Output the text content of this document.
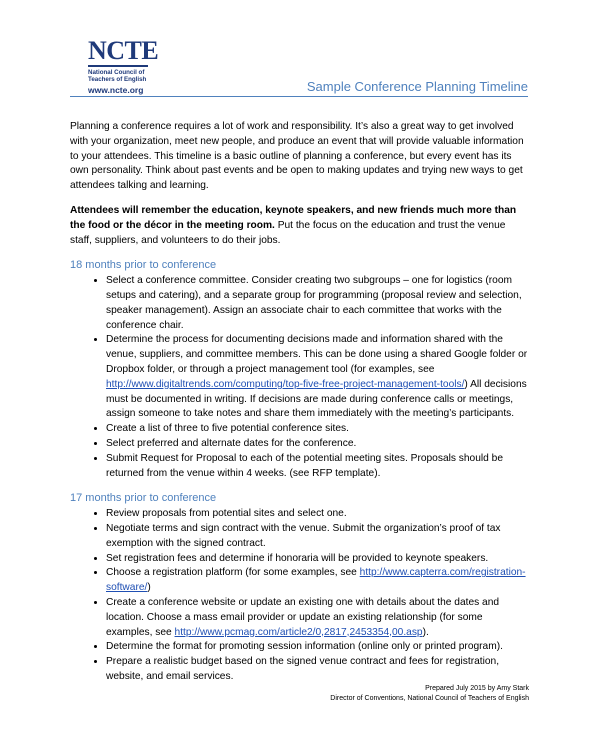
NCTE
National Council of
Teachers of English
www.ncte.org	Sample Conference Planning Timeline

Planning a conference requires a lot of work and responsibility. It’s also a great way to get involved with your organization, meet new people, and produce an event that will provide valuable information to your attendees. This timeline is a basic outline of planning a conference, but every event has its own personality. Think about past events and be open to making updates and trying new ways to get attendees talking and learning.

Attendees will remember the education, keynote speakers, and new friends much more than the food or the décor in the meeting room. Put the focus on the education and trust the venue staff, suppliers, and volunteers to do their jobs.

18 months prior to conference
• Select a conference committee. Consider creating two subgroups – one for logistics (room setups and catering), and a separate group for programming (proposal review and selection, speaker management). Assign an associate chair to each committee that works with the conference chair.
• Determine the process for documenting decisions made and information shared with the venue, suppliers, and committee members. This can be done using a shared Google folder or Dropbox folder, or through a project management tool (for examples, see http://www.digitaltrends.com/computing/top-five-free-project-management-tools/) All decisions must be documented in writing. If decisions are made during conference calls or meetings, assign someone to take notes and share them immediately with the meeting’s participants.
• Create a list of three to five potential conference sites.
• Select preferred and alternate dates for the conference.
• Submit Request for Proposal to each of the potential meeting sites. Proposals should be returned from the venue within 4 weeks. (see RFP template).
17 months prior to conference
• Review proposals from potential sites and select one.
• Negotiate terms and sign contract with the venue. Submit the organization’s proof of tax exemption with the signed contract.
• Set registration fees and determine if honoraria will be provided to keynote speakers.
• Choose a registration platform (for some examples, see http://www.capterra.com/registration-software/)
• Create a conference website or update an existing one with details about the dates and location. Choose a mass email provider or update an existing relationship (for some examples, see http://www.pcmag.com/article2/0,2817,2453354,00.asp).
• Determine the format for promoting session information (online only or printed program).
• Prepare a realistic budget based on the signed venue contract and fees for registration, website, and email services.
Prepared July 2015 by Amy Stark
Director of Conventions, National Council of Teachers of English
